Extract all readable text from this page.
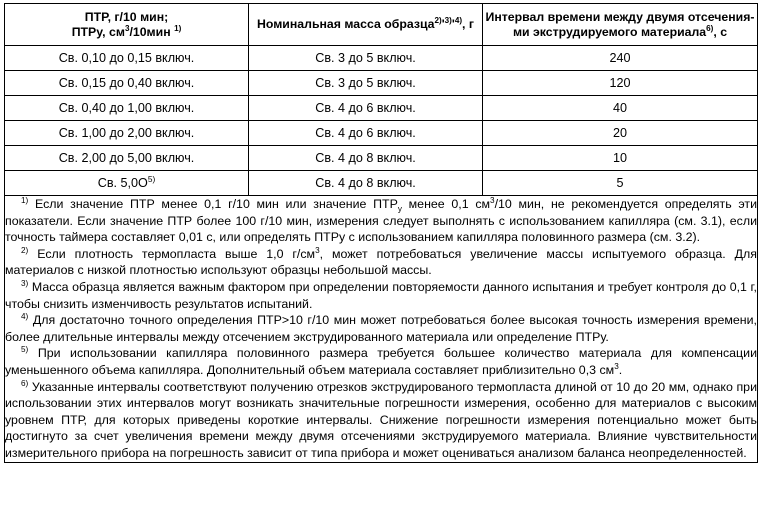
ПТР, г/10 мин;
ПТРу, $см^3/10мин$ $^{1)}$	Номинальная масса $образца^{2)}'^{3)}'^{4)}$, г	Интервал времени между двумя отсечения-
ми экструдируемого материала$^{6)}$, с
Св. 0,10 до 0,15 включ.	Св. 3 до 5 включ.	240
Св. 0,15 до 0,40 включ.	Св. 3 до 5 включ.	120
Св. 0,40 до 1,00 включ.	Св. 4 до 6 включ.	40
Св. 1,00 до 2,00 включ.	Св. 4 до 6 включ.	20
Св. 2,00 до 5,00 включ.	Св. 4 до 8 включ.	10
Св. $5,0О^{5)}$	Св. 4 до 8 включ.	5

$^{1)}$ Если значение ПТР менее 0,1 г/10 мин или значение $ПТР_у$ менее 0,1 $см^3/10$ мин, не рекомендуется определять эти показатели. Если значение ПТР более 100 г/10 мин, измерения следует выполнять с использованием капилляра (см. 3.1), если точность таймера составляет 0,01 с, или определять ПТРу с использованием капилляра половинного размера (см. 3.2).

$^{2)}$ Если плотность термопласта выше 1,0 $г/см^3$, может потребоваться увеличение массы испытуемого образца. Для материалов с низкой плотностью используют образцы небольшой массы.

$^{3)}$ Масса образца является важным фактором при определении повторяемости данного испытания и требует контроля до 0,1 г, чтобы снизить изменчивость результатов испытаний.

$^{4)}$ Для достаточно точного определения ПТР>10 г/10 мин может потребоваться более высокая точность измерения времени, более длительные интервалы между отсечением экструдированного материала или определение ПТРу.

$^{5)}$ При использовании капилляра половинного размера требуется большее количество материала для компенсации уменьшенного объема капилляра. Дополнительный объем материала составляет приблизительно 0,3 $см^3$.

$^{6)}$ Указанные интервалы соответствуют получению отрезков экструдированого термопласта длиной от 10 до 20 мм, однако при использовании этих интервалов могут возникать значительные погрешности измерения, особенно для материалов с высоким уровнем ПТР, для которых приведены короткие интервалы. Снижение погрешности измерения потенциально может быть достигнуто за счет увеличения времени между двумя отсечениями экструдируемого материала. Влияние чувствительности измерительного прибора на погрешность зависит от типа прибора и может оцениваться анализом баланса неопределенностей.
